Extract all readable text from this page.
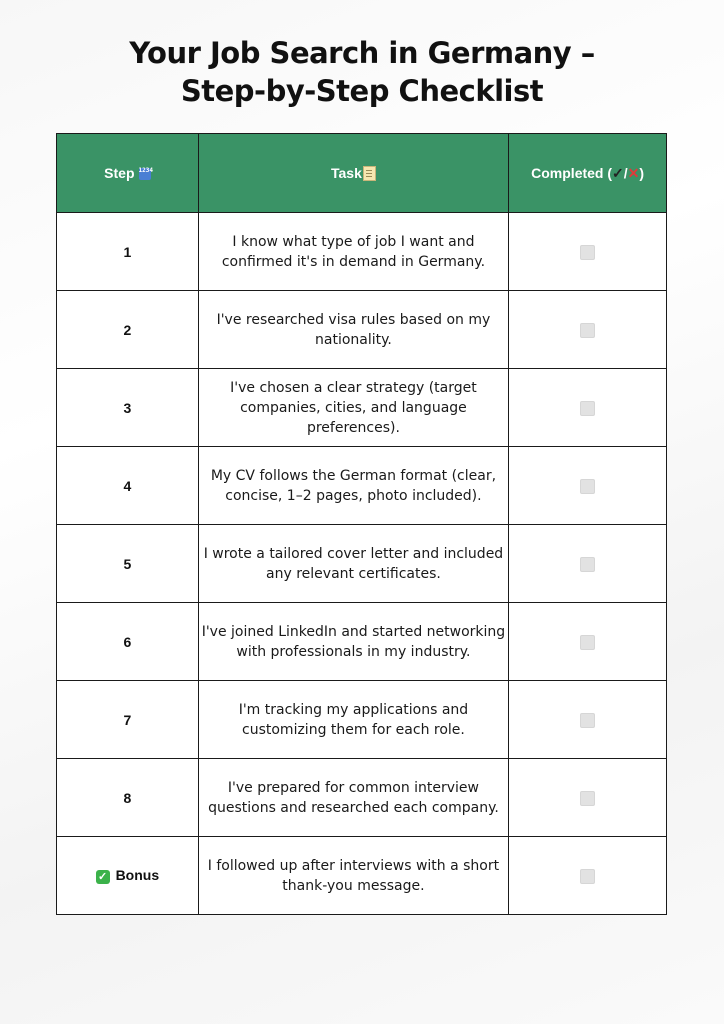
Your Job Search in Germany –
Step-by-Step Checklist
Step 1234	Task	Completed (✓/✕)
1	I know what type of job I want and confirmed it's in demand in Germany.	
2	I've researched visa rules based on my nationality.	
3	I've chosen a clear strategy (target companies, cities, and language preferences).	
4	My CV follows the German format (clear, concise, 1–2 pages, photo included).	
5	I wrote a tailored cover letter and included any relevant certificates.	
6	I've joined LinkedIn and started networking with professionals in my industry.	
7	I'm tracking my applications and customizing them for each role.	
8	I've prepared for common interview questions and researched each company.	
✓ Bonus	I followed up after interviews with a short thank-you message.	
